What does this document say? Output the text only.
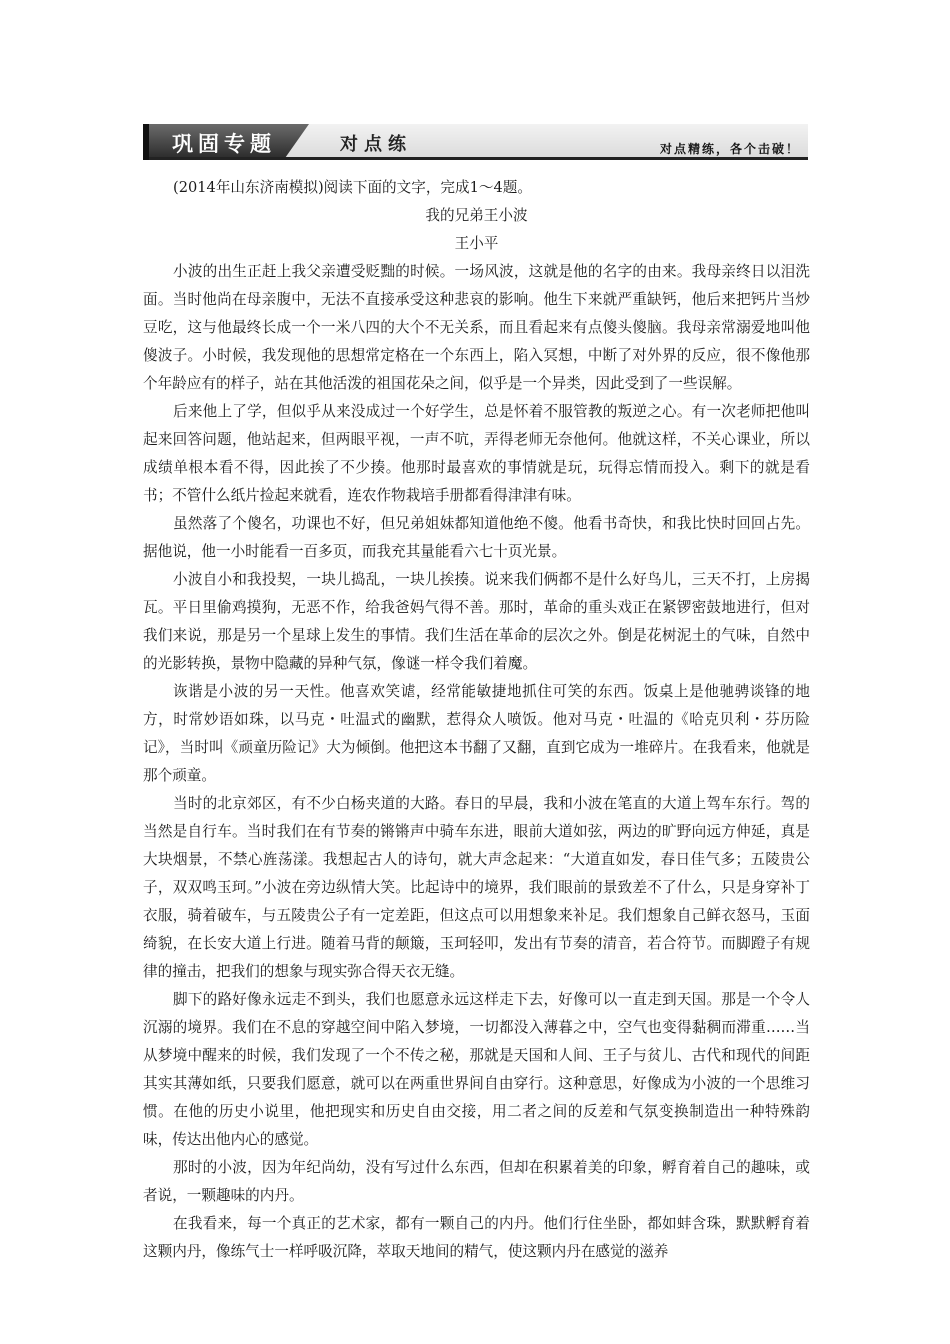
巩固专题	对点练	对点精练，各个击破！

(2014年山东济南模拟)阅读下面的文字，完成1～4题。

我的兄弟王小波

王小平

小波的出生正赶上我父亲遭受贬黜的时候。一场风波，这就是他的名字的由来。我母亲终日以泪洗面。当时他尚在母亲腹中，无法不直接承受这种悲哀的影响。他生下来就严重缺钙，他后来把钙片当炒豆吃，这与他最终长成一个一米八四的大个不无关系，而且看起来有点傻头傻脑。我母亲常溺爱地叫他傻波子。小时候，我发现他的思想常定格在一个东西上，陷入冥想，中断了对外界的反应，很不像他那个年龄应有的样子，站在其他活泼的祖国花朵之间，似乎是一个异类，因此受到了一些误解。

后来他上了学，但似乎从来没成过一个好学生，总是怀着不服管教的叛逆之心。有一次老师把他叫起来回答问题，他站起来，但两眼平视，一声不吭，弄得老师无奈他何。他就这样，不关心课业，所以成绩单根本看不得，因此挨了不少揍。他那时最喜欢的事情就是玩，玩得忘情而投入。剩下的就是看书；不管什么纸片捡起来就看，连农作物栽培手册都看得津津有味。

虽然落了个傻名，功课也不好，但兄弟姐妹都知道他绝不傻。他看书奇快，和我比快时回回占先。据他说，他一小时能看一百多页，而我充其量能看六七十页光景。

小波自小和我投契，一块儿捣乱，一块儿挨揍。说来我们俩都不是什么好鸟儿，三天不打，上房揭瓦。平日里偷鸡摸狗，无恶不作，给我爸妈气得不善。那时，革命的重头戏正在紧锣密鼓地进行，但对我们来说，那是另一个星球上发生的事情。我们生活在革命的层次之外。倒是花树泥土的气味，自然中的光影转换，景物中隐藏的异种气氛，像谜一样令我们着魔。

诙谐是小波的另一天性。他喜欢笑谑，经常能敏捷地抓住可笑的东西。饭桌上是他驰骋谈锋的地方，时常妙语如珠，以马克・吐温式的幽默，惹得众人喷饭。他对马克・吐温的《哈克贝利・芬历险记》，当时叫《顽童历险记》大为倾倒。他把这本书翻了又翻，直到它成为一堆碎片。在我看来，他就是那个顽童。

当时的北京郊区，有不少白杨夹道的大路。春日的早晨，我和小波在笔直的大道上驾车东行。驾的当然是自行车。当时我们在有节奏的锵锵声中骑车东进，眼前大道如弦，两边的旷野向远方伸延，真是大块烟景，不禁心旌荡漾。我想起古人的诗句，就大声念起来：“大道直如发，春日佳气多；五陵贵公子，双双鸣玉珂。”小波在旁边纵情大笑。比起诗中的境界，我们眼前的景致差不了什么，只是身穿补丁衣服，骑着破车，与五陵贵公子有一定差距，但这点可以用想象来补足。我们想象自己鲜衣怒马，玉面绮貌，在长安大道上行进。随着马背的颠簸，玉珂轻叩，发出有节奏的清音，若合符节。而脚蹬子有规律的撞击，把我们的想象与现实弥合得天衣无缝。

脚下的路好像永远走不到头，我们也愿意永远这样走下去，好像可以一直走到天国。那是一个令人沉溺的境界。我们在不息的穿越空间中陷入梦境，一切都没入薄暮之中，空气也变得黏稠而滞重……当从梦境中醒来的时候，我们发现了一个不传之秘，那就是天国和人间、王子与贫儿、古代和现代的间距其实其薄如纸，只要我们愿意，就可以在两重世界间自由穿行。这种意思，好像成为小波的一个思维习惯。在他的历史小说里，他把现实和历史自由交接，用二者之间的反差和气氛变换制造出一种特殊韵味，传达出他内心的感觉。

那时的小波，因为年纪尚幼，没有写过什么东西，但却在积累着美的印象，孵育着自己的趣味，或者说，一颗趣味的内丹。

在我看来，每一个真正的艺术家，都有一颗自己的内丹。他们行住坐卧，都如蚌含珠，默默孵育着这颗内丹，像练气士一样呼吸沉降，萃取天地间的精气，使这颗内丹在感觉的滋养
